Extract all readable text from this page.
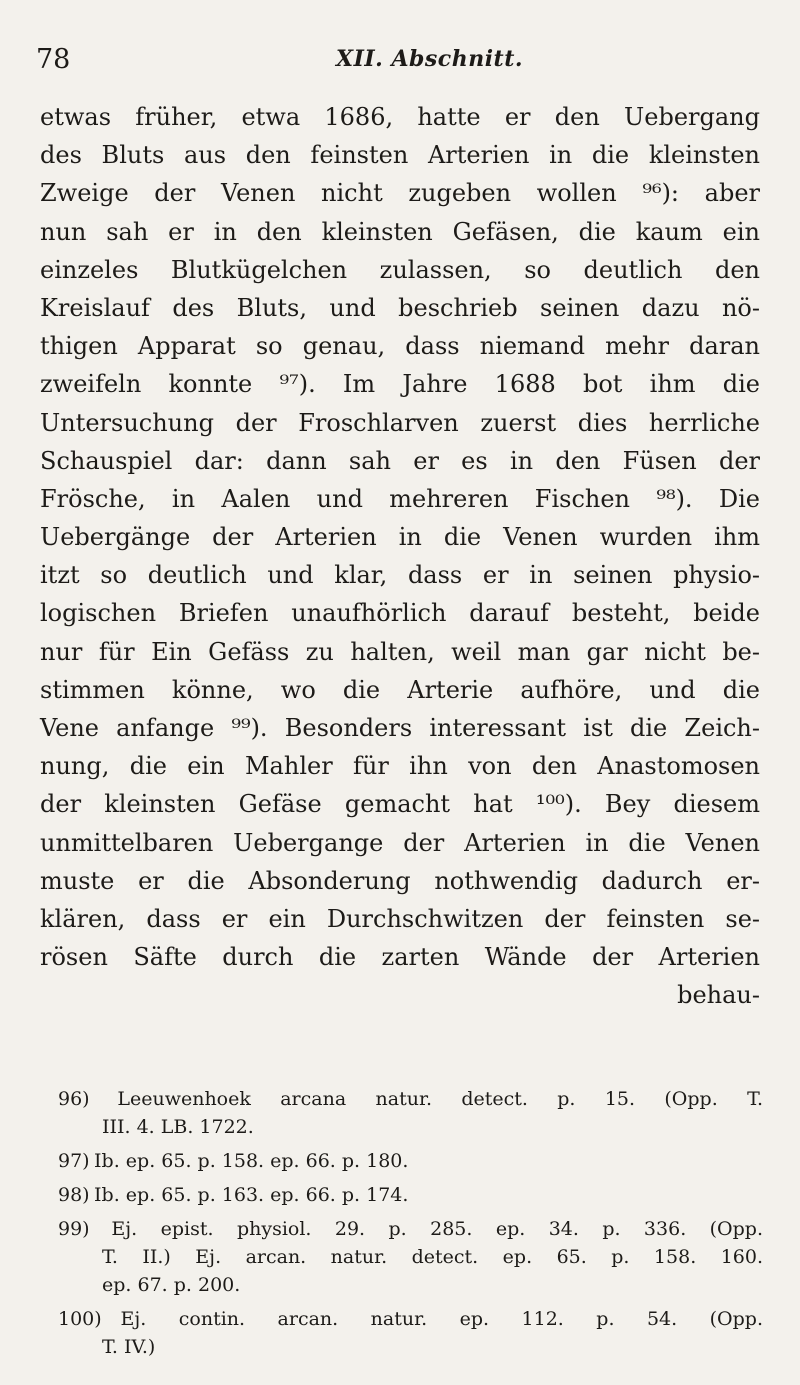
78	XII. Abschnitt.
etwas früher, etwa 1686, hatte er den Uebergang
des Bluts aus den feinsten Arterien in die kleinsten
Zweige der Venen nicht zugeben wollen ⁹⁶): aber
nun sah er in den kleinsten Gefäsen, die kaum ein
einzeles Blutkügelchen zulassen, so deutlich den
Kreislauf des Bluts, und beschrieb seinen dazu nö-
thigen Apparat so genau, dass niemand mehr daran
zweifeln konnte ⁹⁷). Im Jahre 1688 bot ihm die
Untersuchung der Froschlarven zuerst dies herrliche
Schauspiel dar: dann sah er es in den Füsen der
Frösche, in Aalen und mehreren Fischen ⁹⁸). Die
Uebergänge der Arterien in die Venen wurden ihm
itzt so deutlich und klar, dass er in seinen physio-
logischen Briefen unaufhörlich darauf besteht, beide
nur für Ein Gefäss zu halten, weil man gar nicht be-
stimmen könne, wo die Arterie aufhöre, und die
Vene anfange ⁹⁹). Besonders interessant ist die Zeich-
nung, die ein Mahler für ihn von den Anastomosen
der kleinsten Gefäse gemacht hat ¹⁰⁰). Bey diesem
unmittelbaren Uebergange der Arterien in die Venen
muste er die Absonderung nothwendig dadurch er-
klären, dass er ein Durchschwitzen der feinsten se-
rösen Säfte durch die zarten Wände der Arterien
behau-
96) Leeuwenhoek arcana natur. detect. p. 15. (Opp. T.
III. 4. LB. 1722.
97) Ib. ep. 65. p. 158. ep. 66. p. 180.
98) Ib. ep. 65. p. 163. ep. 66. p. 174.
99) Ej. epist. physiol. 29. p. 285. ep. 34. p. 336. (Opp.
T. II.) Ej. arcan. natur. detect. ep. 65. p. 158. 160.
ep. 67. p. 200.
100) Ej. contin. arcan. natur. ep. 112. p. 54. (Opp.
T. IV.)
